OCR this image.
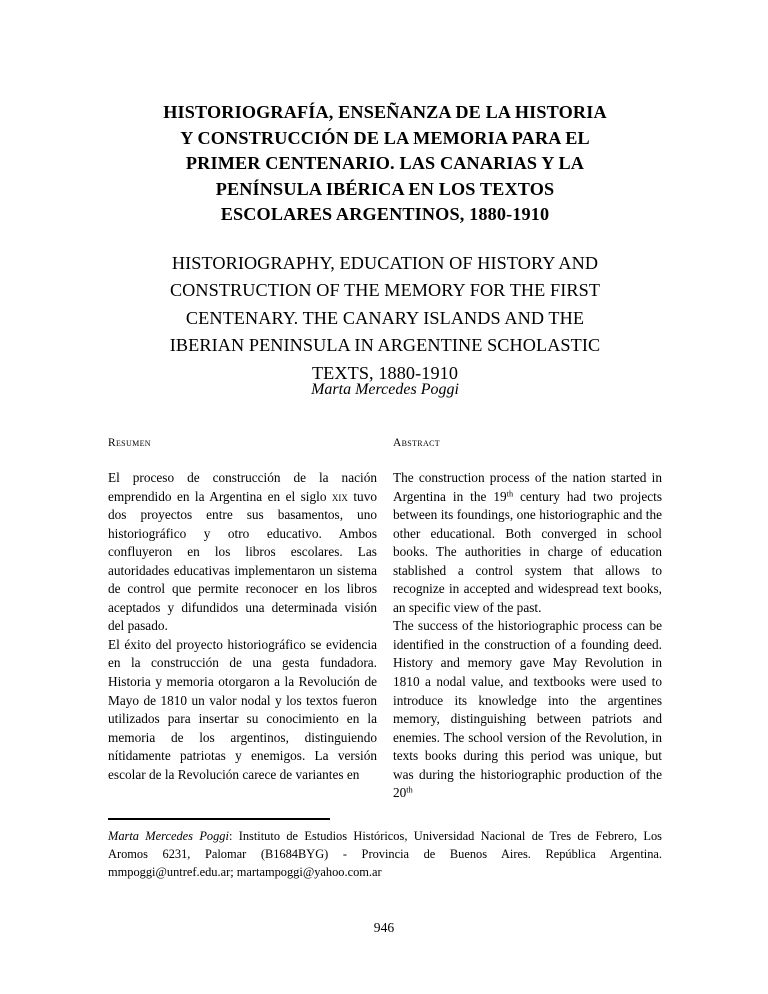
HISTORIOGRAFÍA, ENSEÑANZA DE LA HISTORIA
Y CONSTRUCCIÓN DE LA MEMORIA PARA EL
PRIMER CENTENARIO. LAS CANARIAS Y LA
PENÍNSULA IBÉRICA EN LOS TEXTOS
ESCOLARES ARGENTINOS, 1880-1910
HISTORIOGRAPHY, EDUCATION OF HISTORY AND
CONSTRUCTION OF THE MEMORY FOR THE FIRST
CENTENARY. THE CANARY ISLANDS AND THE
IBERIAN PENINSULA IN ARGENTINE SCHOLASTIC
TEXTS, 1880-1910
Marta Mercedes Poggi
Resumen	Abstract

El proceso de construcción de la nación emprendido en la Argentina en el siglo xix tuvo dos proyectos entre sus basamentos, uno historiográfico y otro educativo. Ambos confluyeron en los libros escolares. Las autoridades educativas implementaron un sistema de control que permite reconocer en los libros aceptados y difundidos una determinada visión del pasado.

El éxito del proyecto historiográfico se evidencia en la construcción de una gesta fundadora. Historia y memoria otorgaron a la Revolución de Mayo de 1810 un valor nodal y los textos fueron utilizados para insertar su conocimiento en la memoria de los argentinos, distinguiendo nítidamente patriotas y enemigos. La versión escolar de la Revolución carece de variantes en

The construction process of the nation started in Argentina in the 19th century had two projects between its foundings, one historiographic and the other educational. Both converged in school books. The authorities in charge of education stablished a control system that allows to recognize in accepted and widespread text books, an specific view of the past.

The success of the historiographic process can be identified in the construction of a founding deed. History and memory gave May Revolution in 1810 a nodal value, and textbooks were used to introduce its knowledge into the argentines memory, distinguishing between patriots and enemies. The school version of the Revolution, in texts books during this period was unique, but was during the historiographic production of the 20th

Marta Mercedes Poggi: Instituto de Estudios Históricos, Universidad Nacional de Tres de Febrero, Los Aromos 6231, Palomar (B1684BYG) - Provincia de Buenos Aires. República Argentina. mmpoggi@untref.edu.ar; martampoggi@yahoo.com.ar
946
